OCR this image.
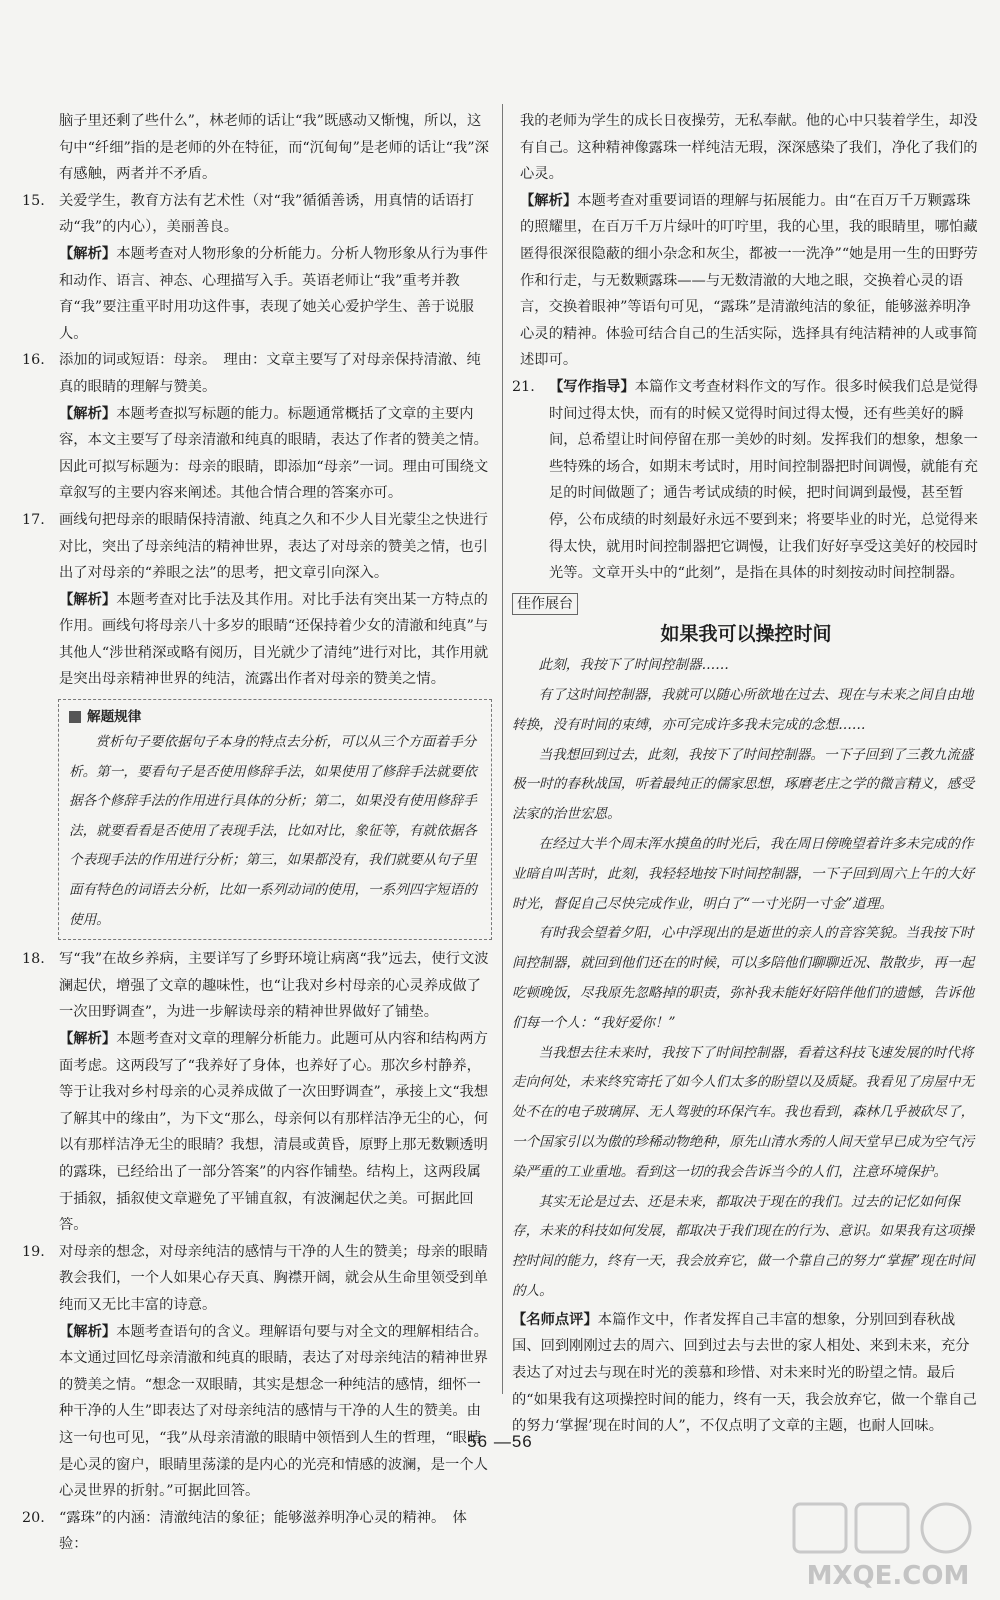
脑子里还剩了些什么”，林老师的话让“我”既感动又惭愧，所以，这句中“纤细”指的是老师的外在特征，而“沉甸甸”是老师的话让“我”深有感触，两者并不矛盾。

15. 关爱学生，教育方法有艺术性（对“我”循循善诱，用真情的话语打动“我”的内心），美丽善良。

【解析】本题考查对人物形象的分析能力。分析人物形象从行为事件和动作、语言、神态、心理描写入手。英语老师让“我”重考并教育“我”要注重平时用功这件事，表现了她关心爱护学生、善于说服人。

16. 添加的词或短语：母亲。　理由：文章主要写了对母亲保持清澈、纯真的眼睛的理解与赞美。

【解析】本题考查拟写标题的能力。标题通常概括了文章的主要内容，本文主要写了母亲清澈和纯真的眼睛，表达了作者的赞美之情。因此可拟写标题为：母亲的眼睛，即添加“母亲”一词。理由可围绕文章叙写的主要内容来阐述。其他合情合理的答案亦可。

17. 画线句把母亲的眼睛保持清澈、纯真之久和不少人目光蒙尘之快进行对比，突出了母亲纯洁的精神世界，表达了对母亲的赞美之情，也引出了对母亲的“养眼之法”的思考，把文章引向深入。

【解析】本题考查对比手法及其作用。对比手法有突出某一方特点的作用。画线句将母亲八十多岁的眼睛“还保持着少女的清澈和纯真”与其他人“涉世稍深或略有阅历，目光就少了清纯”进行对比，其作用就是突出母亲精神世界的纯洁，流露出作者对母亲的赞美之情。

解题规律

赏析句子要依据句子本身的特点去分析，可以从三个方面着手分析。第一，要看句子是否使用修辞手法，如果使用了修辞手法就要依据各个修辞手法的作用进行具体的分析；第二，如果没有使用修辞手法，就要看看是否使用了表现手法，比如对比，象征等，有就依据各个表现手法的作用进行分析；第三，如果都没有，我们就要从句子里面有特色的词语去分析，比如一系列动词的使用，一系列四字短语的使用。

18. 写“我”在故乡养病，主要详写了乡野环境让病离“我”远去，使行文波澜起伏，增强了文章的趣味性，也“让我对乡村母亲的心灵养成做了一次田野调查”，为进一步解读母亲的精神世界做好了铺垫。

【解析】本题考查对文章的理解分析能力。此题可从内容和结构两方面考虑。这两段写了“我养好了身体，也养好了心。那次乡村静养，等于让我对乡村母亲的心灵养成做了一次田野调查”，承接上文“我想了解其中的缘由”，为下文“那么，母亲何以有那样洁净无尘的心，何以有那样洁净无尘的眼睛？我想，清晨或黄昏，原野上那无数颗透明的露珠，已经给出了一部分答案”的内容作铺垫。结构上，这两段属于插叙，插叙使文章避免了平铺直叙，有波澜起伏之美。可据此回答。

19. 对母亲的想念，对母亲纯洁的感情与干净的人生的赞美；母亲的眼睛教会我们，一个人如果心存天真、胸襟开阔，就会从生命里领受到单纯而又无比丰富的诗意。

【解析】本题考查语句的含义。理解语句要与对全文的理解相结合。本文通过回忆母亲清澈和纯真的眼睛，表达了对母亲纯洁的精神世界的赞美之情。“想念一双眼睛，其实是想念一种纯洁的感情，细怀一种干净的人生”即表达了对母亲纯洁的感情与干净的人生的赞美。由这一句也可见，“我”从母亲清澈的眼睛中领悟到人生的哲理，“眼睛是心灵的窗户，眼睛里荡漾的是内心的光亮和情感的波澜，是一个人心灵世界的折射。”可据此回答。

20. “露珠”的内涵：清澈纯洁的象征；能够滋养明净心灵的精神。　体验：

我的老师为学生的成长日夜操劳，无私奉献。他的心中只装着学生，却没有自己。这种精神像露珠一样纯洁无瑕，深深感染了我们，净化了我们的心灵。

【解析】本题考查对重要词语的理解与拓展能力。由“在百万千万颗露珠的照耀里，在百万千万片绿叶的叮咛里，我的心里，我的眼睛里，哪怕藏匿得很深很隐蔽的细小杂念和灰尘，都被一一洗净”“她是用一生的田野劳作和行走，与无数颗露珠——与无数清澈的大地之眼，交换着心灵的语言，交换着眼神”等语句可见，“露珠”是清澈纯洁的象征，能够滋养明净心灵的精神。体验可结合自己的生活实际，选择具有纯洁精神的人或事简述即可。

21. 【写作指导】本篇作文考查材料作文的写作。很多时候我们总是觉得时间过得太快，而有的时候又觉得时间过得太慢，还有些美好的瞬间，总希望让时间停留在那一美妙的时刻。发挥我们的想象，想象一些特殊的场合，如期末考试时，用时间控制器把时间调慢，就能有充足的时间做题了；通告考试成绩的时候，把时间调到最慢，甚至暂停，公布成绩的时刻最好永远不要到来；将要毕业的时光，总觉得来得太快，就用时间控制器把它调慢，让我们好好享受这美好的校园时光等。文章开头中的“此刻”，是指在具体的时刻按动时间控制器。

佳作展台
如果我可以操控时间

此刻，我按下了时间控制器……

有了这时间控制器，我就可以随心所欲地在过去、现在与未来之间自由地转换，没有时间的束缚，亦可完成许多我未完成的念想……

当我想回到过去，此刻，我按下了时间控制器。一下子回到了三教九流盛极一时的春秋战国，听着最纯正的儒家思想，琢磨老庄之学的微言精义，感受法家的治世宏恩。

在经过大半个周末浑水摸鱼的时光后，我在周日傍晚望着许多未完成的作业暗自叫苦时，此刻，我轻轻地按下时间控制器，一下子回到周六上午的大好时光，督促自己尽快完成作业，明白了“一寸光阴一寸金”道理。

有时我会望着夕阳，心中浮现出的是逝世的亲人的音容笑貌。当我按下时间控制器，就回到他们还在的时候，可以多陪他们聊聊近况、散散步，再一起吃顿晚饭，尽我原先忽略掉的职责，弥补我未能好好陪伴他们的遗憾，告诉他们每一个人：“我好爱你！”

当我想去往未来时，我按下了时间控制器，看着这科技飞速发展的时代将走向何处，未来终究寄托了如今人们太多的盼望以及质疑。我看见了房屋中无处不在的电子玻璃屏、无人驾驶的环保汽车。我也看到，森林几乎被砍尽了，一个国家引以为傲的珍稀动物绝种，原先山清水秀的人间天堂早已成为空气污染严重的工业重地。看到这一切的我会告诉当今的人们，注意环境保护。

其实无论是过去、还是未来，都取决于现在的我们。过去的记忆如何保存，未来的科技如何发展，都取决于我们现在的行为、意识。如果我有这项操控时间的能力，终有一天，我会放弃它，做一个靠自己的努力“掌握”现在时间的人。

【名师点评】本篇作文中，作者发挥自己丰富的想象，分别回到春秋战国、回到刚刚过去的周六、回到过去与去世的家人相处、来到未来，充分表达了对过去与现在时光的羡慕和珍惜、对未来时光的盼望之情。最后的“如果我有这项操控时间的能力，终有一天，我会放弃它，做一个靠自己的努力‘掌握’现在时间的人”，不仅点明了文章的主题，也耐人回味。

56 —56
MXQE.COM
